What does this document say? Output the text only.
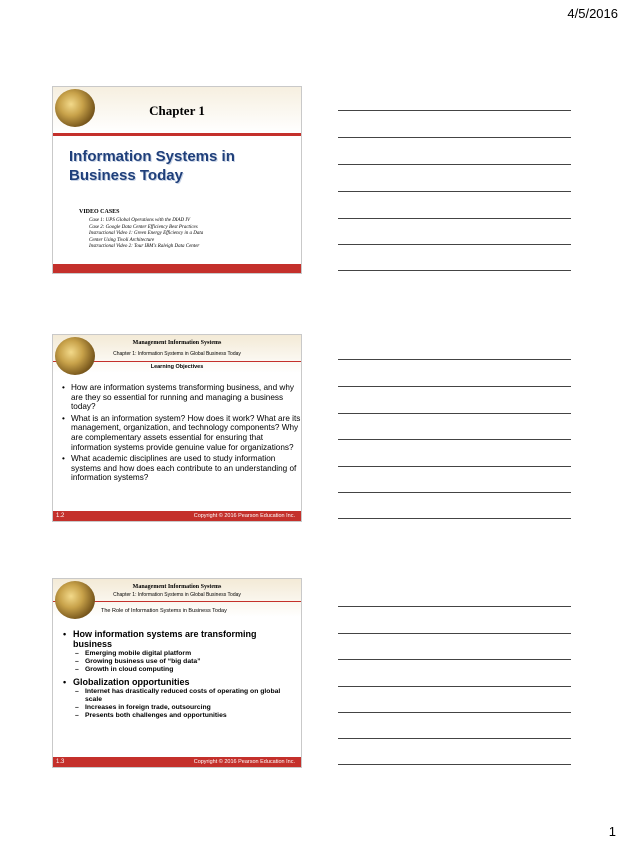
4/5/2016
Chapter 1
Information Systems in
Business Today
VIDEO CASES
Case 1: UPS Global Operations with the DIAD IV
Case 2: Google Data Center Efficiency Best Practices
Instructional Video 1: Green Energy Efficiency in a Data
Center Using Tivoli Architecture
Instructional Video 2: Tour IBM's Raleigh Data Center
Management Information Systems
Chapter 1: Information Systems in Global Business Today
Learning Objectives
• How are information systems transforming business, and why are they so essential for running and managing a business today?
• What is an information system? How does it work? What are its management, organization, and technology components? Why are complementary assets essential for ensuring that information systems provide genuine value for organizations?
• What academic disciplines are used to study information systems and how does each contribute to an understanding of information systems?
1.2	Copyright © 2016 Pearson Education Inc.
Management Information Systems
Chapter 1: Information Systems in Global Business Today
The Role of Information Systems in Business Today
• How information systems are transforming business
– Emerging mobile digital platform
– Growing business use of “big data”
– Growth in cloud computing
• Globalization opportunities
– Internet has drastically reduced costs of operating on global scale
– Increases in foreign trade, outsourcing
– Presents both challenges and opportunities
1.3	Copyright © 2016 Pearson Education Inc.
1
